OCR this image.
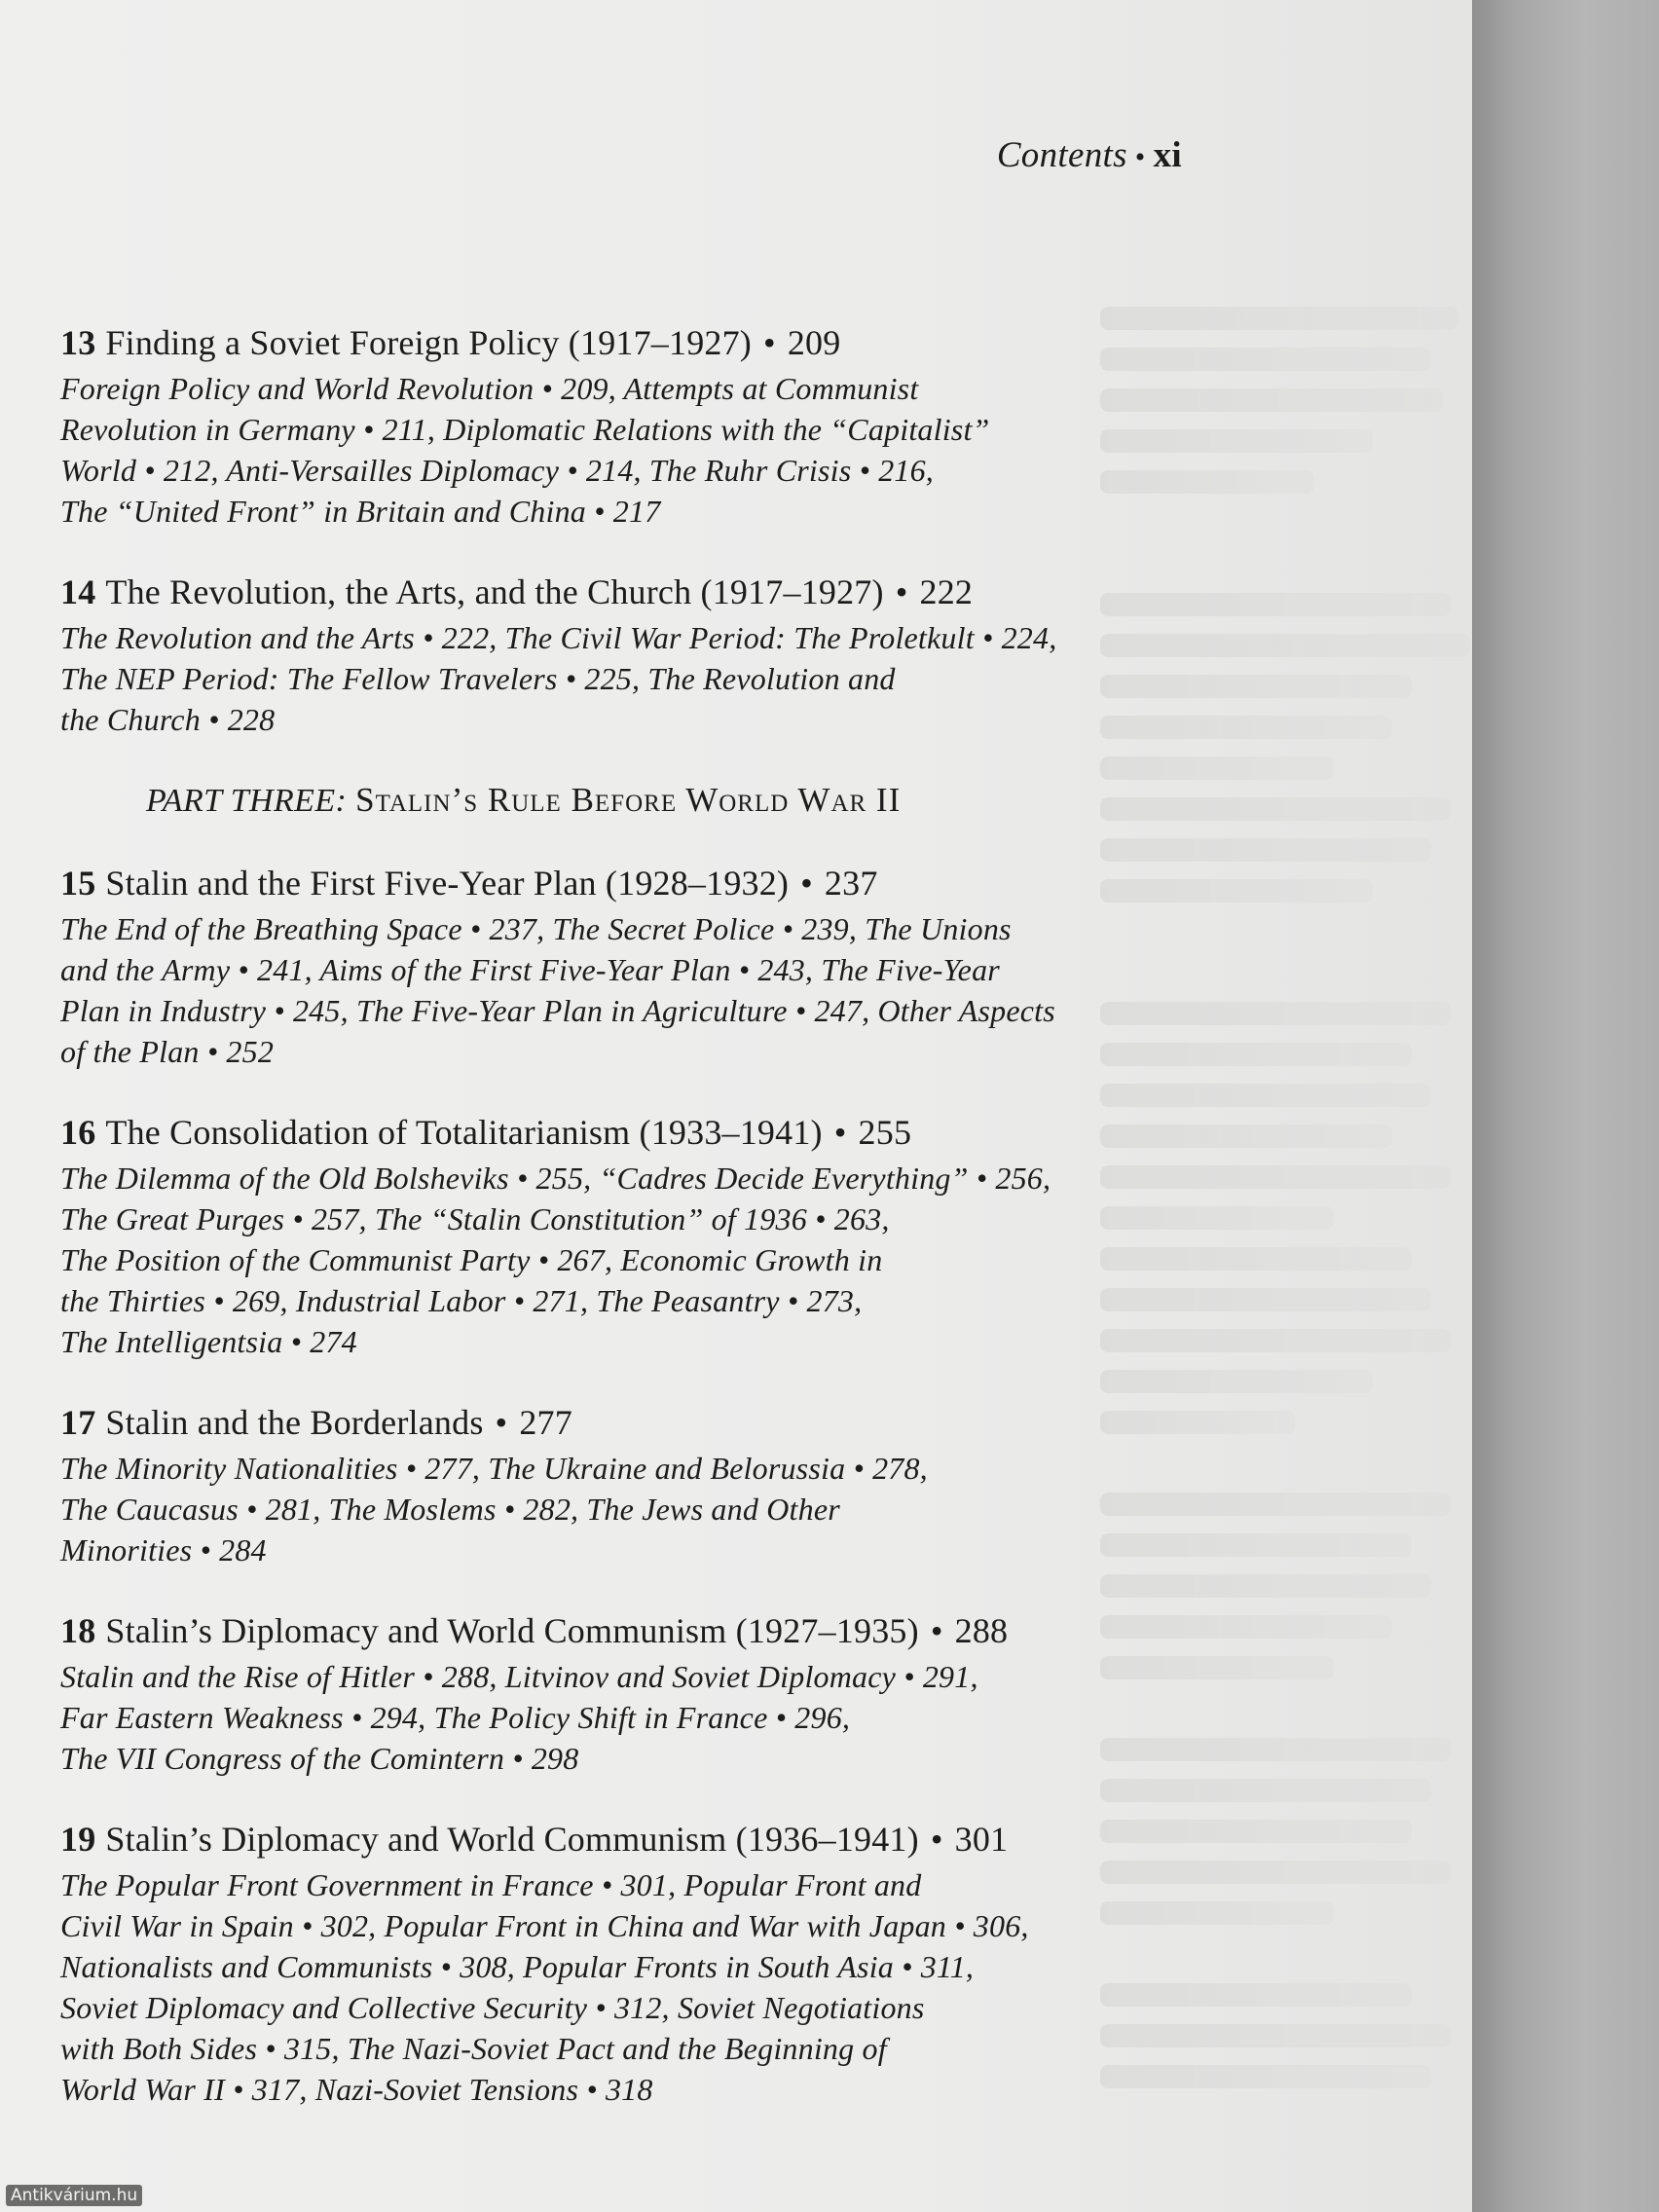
Contents • xi
13 Finding a Soviet Foreign Policy (1917–1927) • 209
Foreign Policy and World Revolution • 209, Attempts at Communist
Revolution in Germany • 211, Diplomatic Relations with the “Capitalist”
World • 212, Anti-Versailles Diplomacy • 214, The Ruhr Crisis • 216,
The “United Front” in Britain and China • 217
14 The Revolution, the Arts, and the Church (1917–1927) • 222
The Revolution and the Arts • 222, The Civil War Period: The Proletkult • 224,
The NEP Period: The Fellow Travelers • 225, The Revolution and
the Church • 228
PART THREE: Stalin’s Rule Before World War II
15 Stalin and the First Five-Year Plan (1928–1932) • 237
The End of the Breathing Space • 237, The Secret Police • 239, The Unions
and the Army • 241, Aims of the First Five-Year Plan • 243, The Five-Year
Plan in Industry • 245, The Five-Year Plan in Agriculture • 247, Other Aspects
of the Plan • 252
16 The Consolidation of Totalitarianism (1933–1941) • 255
The Dilemma of the Old Bolsheviks • 255, “Cadres Decide Everything” • 256,
The Great Purges • 257, The “Stalin Constitution” of 1936 • 263,
The Position of the Communist Party • 267, Economic Growth in
the Thirties • 269, Industrial Labor • 271, The Peasantry • 273,
The Intelligentsia • 274
17 Stalin and the Borderlands • 277
The Minority Nationalities • 277, The Ukraine and Belorussia • 278,
The Caucasus • 281, The Moslems • 282, The Jews and Other
Minorities • 284
18 Stalin’s Diplomacy and World Communism (1927–1935) • 288
Stalin and the Rise of Hitler • 288, Litvinov and Soviet Diplomacy • 291,
Far Eastern Weakness • 294, The Policy Shift in France • 296,
The VII Congress of the Comintern • 298
19 Stalin’s Diplomacy and World Communism (1936–1941) • 301
The Popular Front Government in France • 301, Popular Front and
Civil War in Spain • 302, Popular Front in China and War with Japan • 306,
Nationalists and Communists • 308, Popular Fronts in South Asia • 311,
Soviet Diplomacy and Collective Security • 312, Soviet Negotiations
with Both Sides • 315, The Nazi-Soviet Pact and the Beginning of
World War II • 317, Nazi-Soviet Tensions • 318
Antikvárium.hu
